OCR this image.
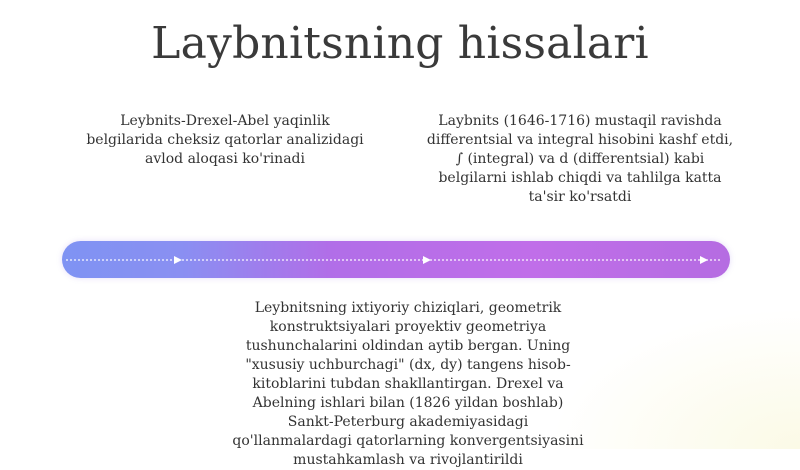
Laybnitsning hissalari
Leybnits-Drexel-Abel yaqinlik
belgilarida cheksiz qatorlar analizidagi
avlod aloqasi ko'rinadi
Laybnits (1646-1716) mustaqil ravishda
differentsial va integral hisobini kashf etdi,
∫ (integral) va d (differentsial) kabi
belgilarni ishlab chiqdi va tahlilga katta
ta'sir ko'rsatdi
Leybnitsning ixtiyoriy chiziqlari, geometrik
konstruktsiyalari proyektiv geometriya
tushunchalarini oldindan aytib bergan. Uning
"xususiy uchburchagi" (dx, dy) tangens hisob-
kitoblarini tubdan shakllantirgan. Drexel va
Abelning ishlari bilan (1826 yildan boshlab)
Sankt-Peterburg akademiyasidagi
qo'llanmalardagi qatorlarning konvergentsiyasini
mustahkamlash va rivojlantirildi
